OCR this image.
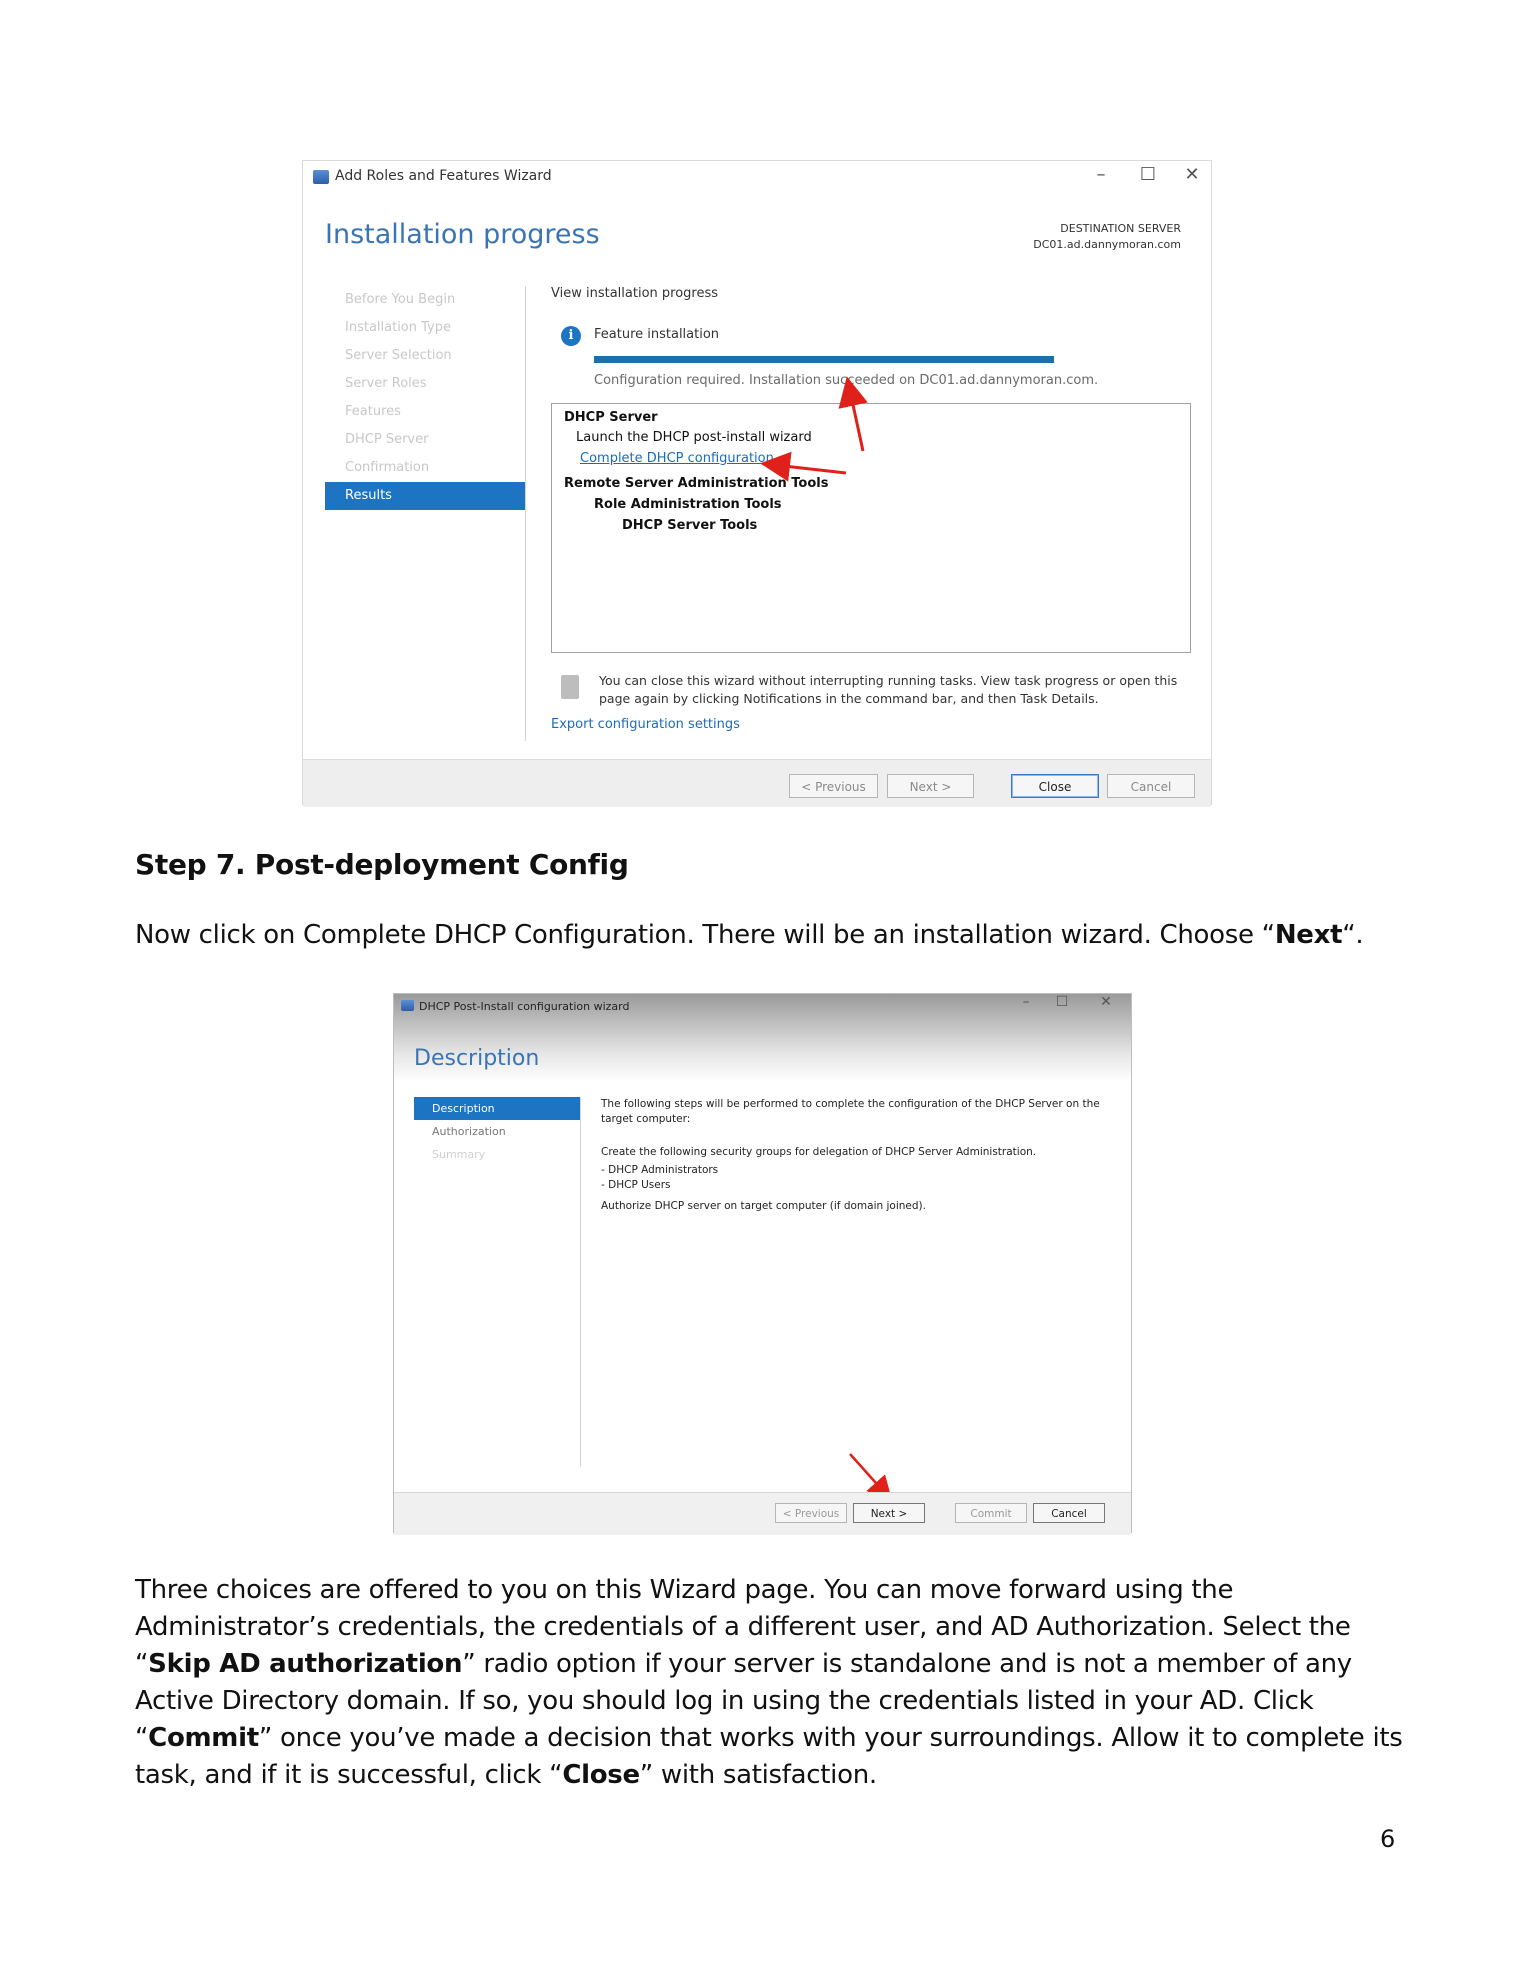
Add Roles and Features Wizard	–	☐	✕
Installation progress	DESTINATION SERVER
DC01.ad.dannymoran.com
Before You Begin
Installation Type
Server Selection
Server Roles
Features
DHCP Server
Confirmation
Results
View installation progress
i	Feature installation
Configuration required. Installation succeeded on DC01.ad.dannymoran.com.
DHCP Server
Launch the DHCP post-install wizard
Complete DHCP configuration
Remote Server Administration Tools
Role Administration Tools
DHCP Server Tools
You can close this wizard without interrupting running tasks. View task progress or open this
page again by clicking Notifications in the command bar, and then Task Details.
Export configuration settings
< Previous	Next >	Close	Cancel
Step 7. Post-deployment Config
Now click on Complete DHCP Configuration. There will be an installation wizard. Choose “Next“.
DHCP Post-Install configuration wizard	–	☐	✕
Description
Description
Authorization
Summary
The following steps will be performed to complete the configuration of the DHCP Server on the
target computer:
Create the following security groups for delegation of DHCP Server Administration.
- DHCP Administrators
- DHCP Users
Authorize DHCP server on target computer (if domain joined).
< Previous	Next >	Commit	Cancel
Three choices are offered to you on this Wizard page. You can move forward using the Administrator’s credentials, the credentials of a different user, and AD Authorization. Select the “Skip AD authorization” radio option if your server is standalone and is not a member of any Active Directory domain. If so, you should log in using the credentials listed in your AD. Click “Commit” once you’ve made a decision that works with your surroundings. Allow it to complete its task, and if it is successful, click “Close” with satisfaction.
6
